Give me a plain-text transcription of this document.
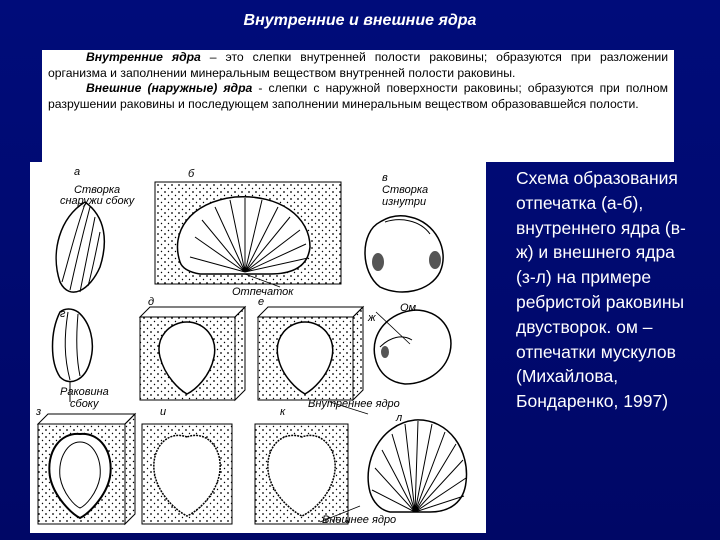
Внутренние и внешние ядра

Внутренние ядра – это слепки внутренней полости раковины; образуются при разложении организма и заполнении минеральным веществом внутренней полости раковины.

Внешние (наружные) ядра - слепки с наружной поверхности раковины; образуются при полном разрушении раковины и последующем заполнении минеральным веществом образовавшейся полости.

а	б	в
Створка
снаружи сбоку
Створка
изнутри
Отпечаток
г
д	е
ж
Ом
Раковина
сбоку	Внутреннее ядро
з	и	к	л
Внешнее ядро
Схема образования
отпечатка (а-б),
внутреннего ядра (в-
ж) и внешнего ядра
(з-л) на примере
ребристой раковины
двустворок. ом –
отпечатки мускулов
(Михайлова,
Бондаренко, 1997)
